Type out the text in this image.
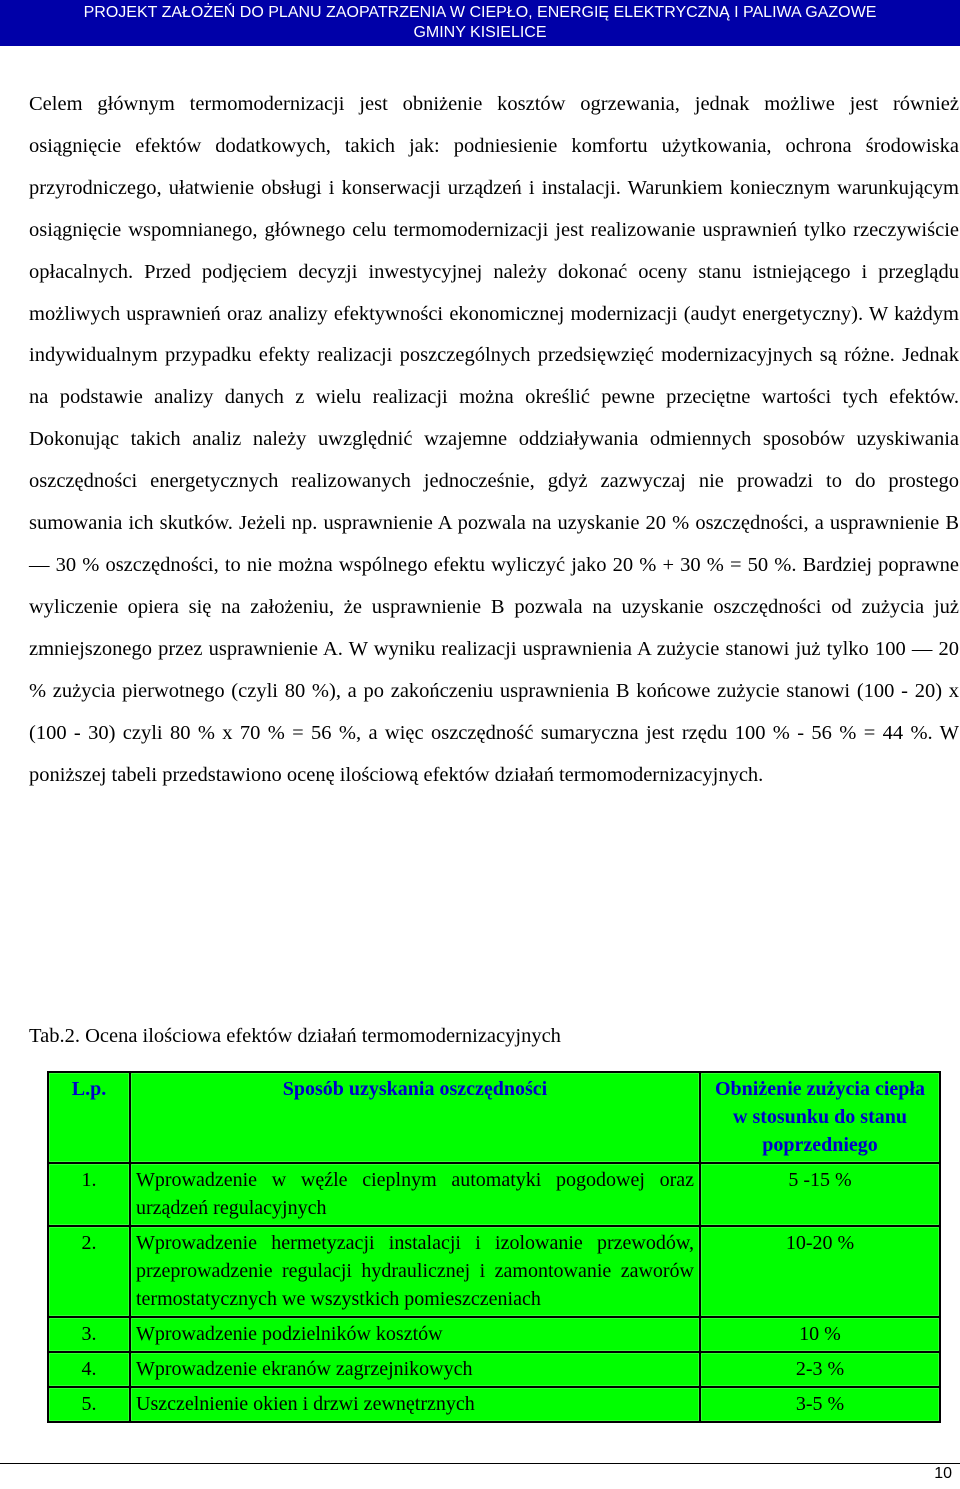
PROJEKT ZAŁOŻEŃ DO PLANU ZAOPATRZENIA W CIEPŁO, ENERGIĘ ELEKTRYCZNĄ I PALIWA GAZOWE
GMINY KISIELICE

Celem głównym termomodernizacji jest obniżenie kosztów ogrzewania, jednak możliwe jest również osiągnięcie efektów dodatkowych, takich jak: podniesienie komfortu użytkowania, ochrona środowiska przyrodniczego, ułatwienie obsługi i konserwacji urządzeń i instalacji. Warunkiem koniecznym warunkującym osiągnięcie wspomnianego, głównego celu termomodernizacji jest realizowanie usprawnień tylko rzeczywiście opłacalnych. Przed podjęciem decyzji inwestycyjnej należy dokonać oceny stanu istniejącego i przeglądu możliwych usprawnień oraz analizy efektywności ekonomicznej modernizacji (audyt energetyczny). W każdym indywidualnym przypadku efekty realizacji poszczególnych przedsięwzięć modernizacyjnych są różne. Jednak na podstawie analizy danych z wielu realizacji można określić pewne przeciętne wartości tych efektów. Dokonując takich analiz należy uwzględnić wzajemne oddziaływania odmiennych sposobów uzyskiwania oszczędności energetycznych realizowanych jednocześnie, gdyż zazwyczaj nie prowadzi to do prostego sumowania ich skutków. Jeżeli np. usprawnienie A pozwala na uzyskanie 20 % oszczędności, a usprawnienie B — 30 % oszczędności, to nie można wspólnego efektu wyliczyć jako 20 % + 30 % = 50 %. Bardziej poprawne wyliczenie opiera się na założeniu, że usprawnienie B pozwala na uzyskanie oszczędności od zużycia już zmniejszonego przez usprawnienie A. W wyniku realizacji usprawnienia A zużycie stanowi już tylko 100 — 20 % zużycia pierwotnego (czyli 80 %), a po zakończeniu usprawnienia B końcowe zużycie stanowi (100 - 20) x (100 - 30) czyli 80 % x 70 % = 56 %, a więc oszczędność sumaryczna jest rzędu 100 % - 56 % = 44 %. W poniższej tabeli przedstawiono ocenę ilościową efektów działań termomodernizacyjnych.

Tab.2. Ocena ilościowa efektów działań termomodernizacyjnych

L.p.	Sposób uzyskania oszczędności	Obniżenie zużycia ciepła w stosunku do stanu poprzedniego
1.	Wprowadzenie w węźle cieplnym automatyki pogodowej oraz urządzeń regulacyjnych	5 -15 %
2.	Wprowadzenie hermetyzacji instalacji i izolowanie przewodów, przeprowadzenie regulacji hydraulicznej i zamontowanie zaworów termostatycznych we wszystkich pomieszczeniach	10-20 %
3.	Wprowadzenie podzielników kosztów	10 %
4.	Wprowadzenie ekranów zagrzejnikowych	2-3 %
5.	Uszczelnienie okien i drzwi zewnętrznych	3-5 %
10
